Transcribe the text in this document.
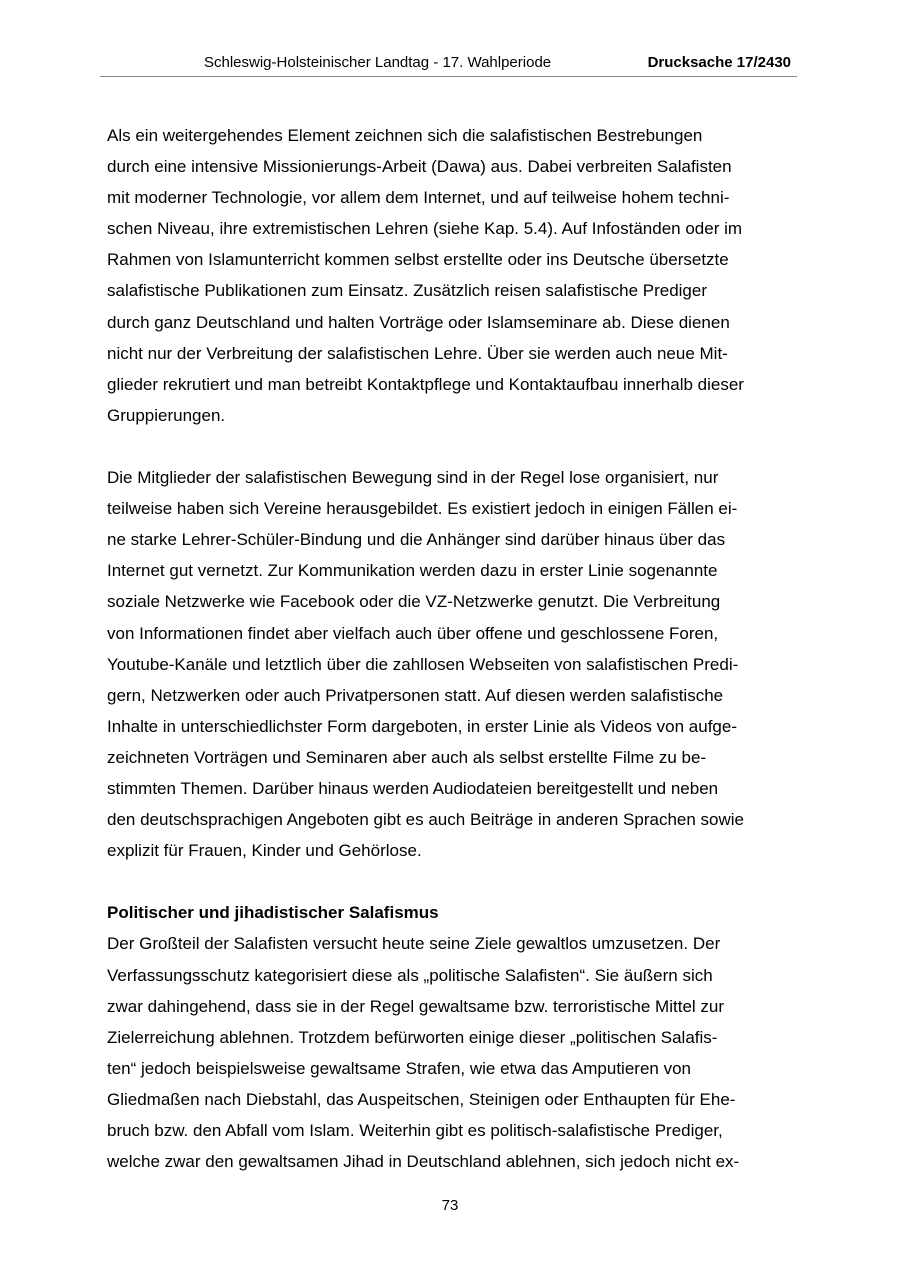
Schleswig-Holsteinischer Landtag - 17. Wahlperiode	Drucksache 17/2430
Als ein weitergehendes Element zeichnen sich die salafistischen Bestrebungen
durch eine intensive Missionierungs-Arbeit (Dawa) aus. Dabei verbreiten Salafisten
mit moderner Technologie, vor allem dem Internet, und auf teilweise hohem techni-
schen Niveau, ihre extremistischen Lehren (siehe Kap. 5.4). Auf Infoständen oder im
Rahmen von Islamunterricht kommen selbst erstellte oder ins Deutsche übersetzte
salafistische Publikationen zum Einsatz. Zusätzlich reisen salafistische Prediger
durch ganz Deutschland und halten Vorträge oder Islamseminare ab. Diese dienen
nicht nur der Verbreitung der salafistischen Lehre. Über sie werden auch neue Mit-
glieder rekrutiert und man betreibt Kontaktpflege und Kontaktaufbau innerhalb dieser
Gruppierungen.
Die Mitglieder der salafistischen Bewegung sind in der Regel lose organisiert, nur
teilweise haben sich Vereine herausgebildet. Es existiert jedoch in einigen Fällen ei-
ne starke Lehrer-Schüler-Bindung und die Anhänger sind darüber hinaus über das
Internet gut vernetzt. Zur Kommunikation werden dazu in erster Linie sogenannte
soziale Netzwerke wie Facebook oder die VZ-Netzwerke genutzt. Die Verbreitung
von Informationen findet aber vielfach auch über offene und geschlossene Foren,
Youtube-Kanäle und letztlich über die zahllosen Webseiten von salafistischen Predi-
gern, Netzwerken oder auch Privatpersonen statt. Auf diesen werden salafistische
Inhalte in unterschiedlichster Form dargeboten, in erster Linie als Videos von aufge-
zeichneten Vorträgen und Seminaren aber auch als selbst erstellte Filme zu be-
stimmten Themen. Darüber hinaus werden Audiodateien bereitgestellt und neben
den deutschsprachigen Angeboten gibt es auch Beiträge in anderen Sprachen sowie
explizit für Frauen, Kinder und Gehörlose.
Politischer und jihadistischer Salafismus
Der Großteil der Salafisten versucht heute seine Ziele gewaltlos umzusetzen. Der
Verfassungsschutz kategorisiert diese als „politische Salafisten“. Sie äußern sich
zwar dahingehend, dass sie in der Regel gewaltsame bzw. terroristische Mittel zur
Zielerreichung ablehnen. Trotzdem befürworten einige dieser „politischen Salafis-
ten“ jedoch beispielsweise gewaltsame Strafen, wie etwa das Amputieren von
Gliedmaßen nach Diebstahl, das Auspeitschen, Steinigen oder Enthaupten für Ehe-
bruch bzw. den Abfall vom Islam. Weiterhin gibt es politisch-salafistische Prediger,
welche zwar den gewaltsamen Jihad in Deutschland ablehnen, sich jedoch nicht ex-
73
